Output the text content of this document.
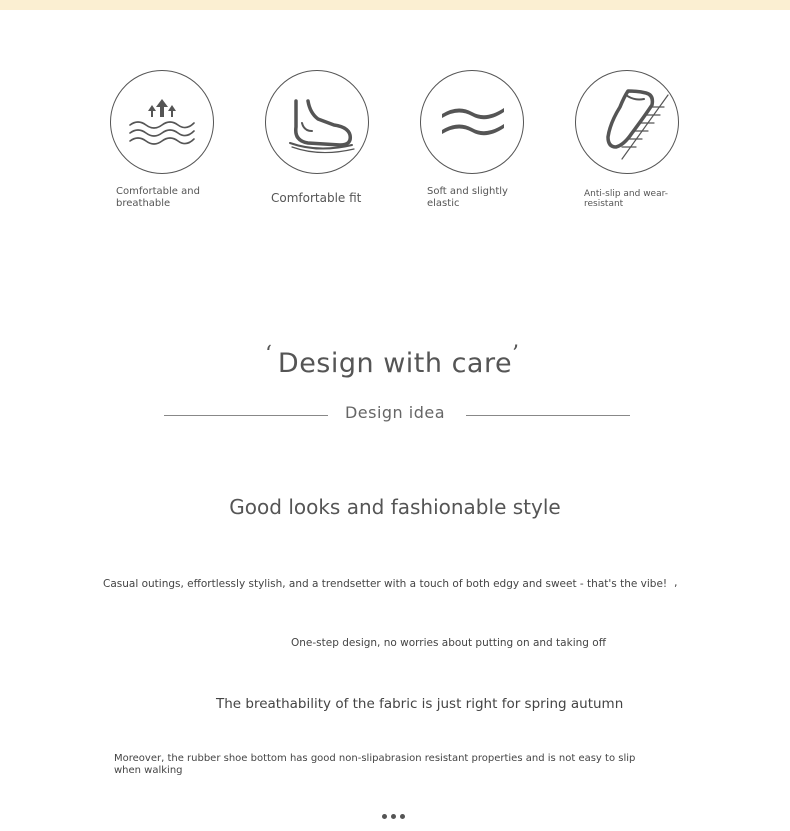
Comfortable and breathable	Comfortable fit	Soft and slightly elastic
Anti-slip and wear-resistant
‘ Design with care ’
Design idea
Good looks and fashionable style
Casual outings, effortlessly stylish, and a trendsetter with a touch of both edgy and sweet - that's the vibe! ,
One-step design, no worries about putting on and taking off
The breathability of the fabric is just right for spring autumn
Moreover, the rubber shoe bottom has good non-slipabrasion resistant properties and is not easy to slip when walking
